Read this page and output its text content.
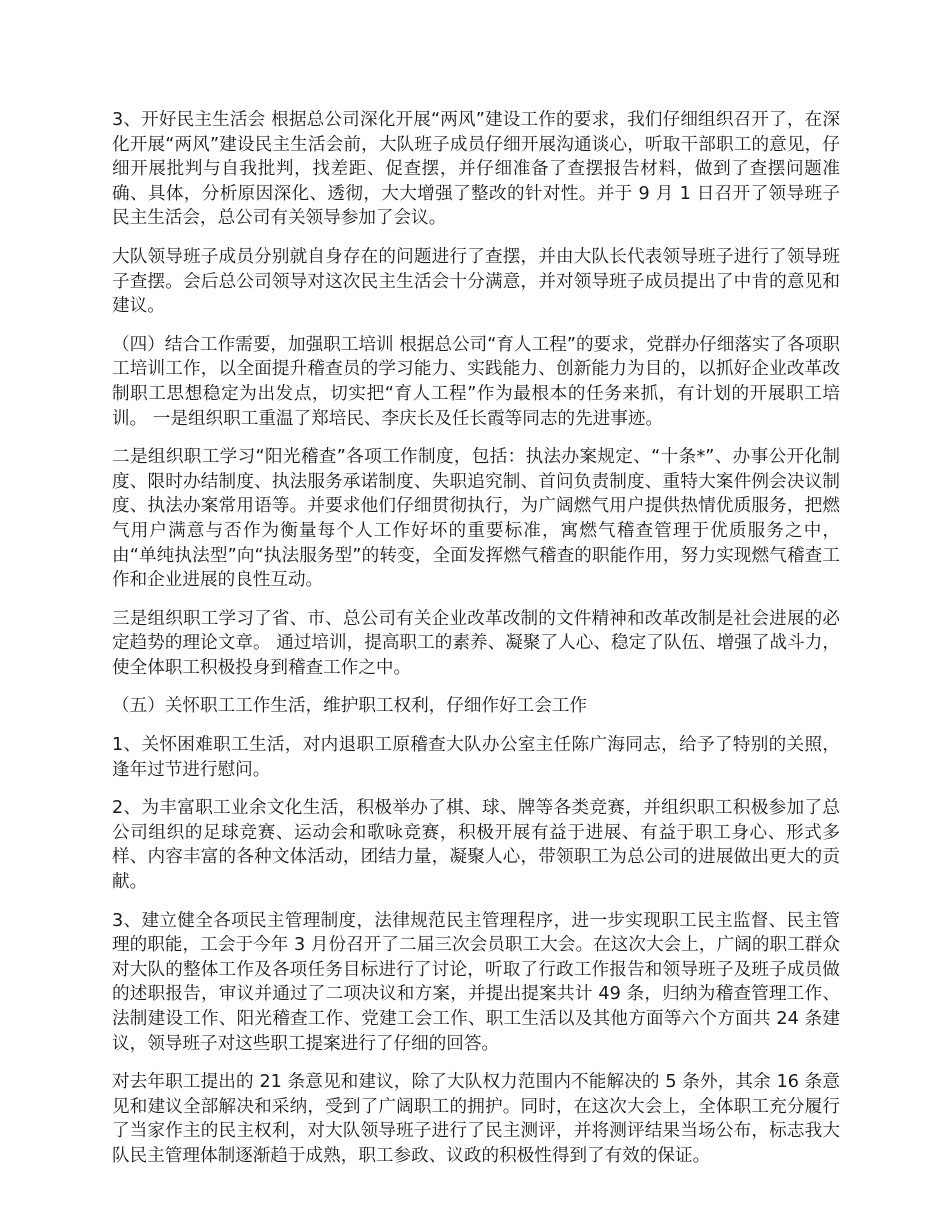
3、开好民主生活会 根据总公司深化开展“两风”建设工作的要求，我们仔细组织召开了，在深化开展“两风”建设民主生活会前，大队班子成员仔细开展沟通谈心，听取干部职工的意见，仔细开展批判与自我批判，找差距、促查摆，并仔细准备了查摆报告材料，做到了查摆问题准确、具体，分析原因深化、透彻，大大增强了整改的针对性。并于 9 月 1 日召开了领导班子民主生活会，总公司有关领导参加了会议。

大队领导班子成员分别就自身存在的问题进行了查摆，并由大队长代表领导班子进行了领导班子查摆。会后总公司领导对这次民主生活会十分满意，并对领导班子成员提出了中肯的意见和建议。

（四）结合工作需要，加强职工培训 根据总公司“育人工程”的要求，党群办仔细落实了各项职工培训工作，以全面提升稽查员的学习能力、实践能力、创新能力为目的，以抓好企业改革改制职工思想稳定为出发点，切实把“育人工程”作为最根本的任务来抓，有计划的开展职工培训。 一是组织职工重温了郑培民、李庆长及任长霞等同志的先进事迹。

二是组织职工学习“阳光稽查”各项工作制度，包括：执法办案规定、“十条*”、办事公开化制度、限时办结制度、执法服务承诺制度、失职追究制、首问负责制度、重特大案件例会决议制度、执法办案常用语等。并要求他们仔细贯彻执行，为广阔燃气用户提供热情优质服务，把燃气用户满意与否作为衡量每个人工作好坏的重要标准，寓燃气稽查管理于优质服务之中，由“单纯执法型”向“执法服务型”的转变，全面发挥燃气稽查的职能作用，努力实现燃气稽查工作和企业进展的良性互动。

三是组织职工学习了省、市、总公司有关企业改革改制的文件精神和改革改制是社会进展的必定趋势的理论文章。 通过培训，提高职工的素养、凝聚了人心、稳定了队伍、增强了战斗力，使全体职工积极投身到稽查工作之中。

（五）关怀职工工作生活，维护职工权利，仔细作好工会工作

1、关怀困难职工生活，对内退职工原稽查大队办公室主任陈广海同志，给予了特别的关照，逢年过节进行慰问。

2、为丰富职工业余文化生活，积极举办了棋、球、牌等各类竞赛，并组织职工积极参加了总公司组织的足球竞赛、运动会和歌咏竞赛，积极开展有益于进展、有益于职工身心、形式多样、内容丰富的各种文体活动，团结力量，凝聚人心，带领职工为总公司的进展做出更大的贡献。

3、建立健全各项民主管理制度，法律规范民主管理程序，进一步实现职工民主监督、民主管理的职能，工会于今年 3 月份召开了二届三次会员职工大会。在这次大会上，广阔的职工群众对大队的整体工作及各项任务目标进行了讨论，听取了行政工作报告和领导班子及班子成员做的述职报告，审议并通过了二项决议和方案，并提出提案共计 49 条，归纳为稽查管理工作、法制建设工作、阳光稽查工作、党建工会工作、职工生活以及其他方面等六个方面共 24 条建议，领导班子对这些职工提案进行了仔细的回答。

对去年职工提出的 21 条意见和建议，除了大队权力范围内不能解决的 5 条外，其余 16 条意见和建议全部解决和采纳，受到了广阔职工的拥护。同时，在这次大会上，全体职工充分履行了当家作主的民主权利，对大队领导班子进行了民主测评，并将测评结果当场公布，标志我大队民主管理体制逐渐趋于成熟，职工参政、议政的积极性得到了有效的保证。
